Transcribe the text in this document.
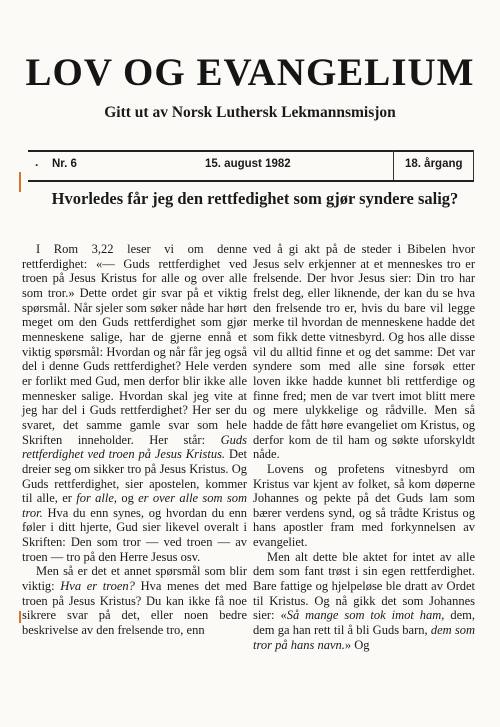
LOV OG EVANGELIUM
Gitt ut av Norsk Luthersk Lekmannsmisjon
· Nr. 6	15. august 1982	18. årgang
Hvorledes får jeg den rettfedighet som gjør syndere salig?

I Rom 3,22 leser vi om denne rettferdighet: «— Guds rettferdighet ved troen på Jesus Kristus for alle og over alle som tror.» Dette ordet gir svar på et viktig spørsmål. Når sjeler som søker nåde har hørt meget om den Guds rettferdighet som gjør menneskene salige, har de gjerne ennå et viktig spørsmål: Hvordan og når får jeg også del i denne Guds rettferdighet? Hele verden er forlikt med Gud, men derfor blir ikke alle mennesker salige. Hvordan skal jeg vite at jeg har del i Guds rettferdighet? Her ser du svaret, det samme gamle svar som hele Skriften inneholder. Her står: Guds rettferdighet ved troen på Jesus Kristus. Det dreier seg om sikker tro på Jesus Kristus. Og Guds rettferdighet, sier apostelen, kommer til alle, er for alle, og er over alle som som tror. Hva du enn synes, og hvordan du enn føler i ditt hjerte, Gud sier likevel overalt i Skriften: Den som tror — ved troen — av troen — tro på den Herre Jesus osv.

Men så er det et annet spørsmål som blir viktig: Hva er troen? Hva menes det med troen på Jesus Kristus? Du kan ikke få noe sikrere svar på det, eller noen bedre beskrivelse av den frelsende tro, enn

ved å gi akt på de steder i Bibelen hvor Jesus selv erkjenner at et menneskes tro er frelsende. Der hvor Jesus sier: Din tro har frelst deg, eller liknende, der kan du se hva den frelsende tro er, hvis du bare vil legge merke til hvordan de menneskene hadde det som fikk dette vitnesbyrd. Og hos alle disse vil du alltid finne et og det samme: Det var syndere som med alle sine forsøk etter loven ikke hadde kunnet bli rettferdige og finne fred; men de var tvert imot blitt mere og mere ulykkelige og rådville. Men så hadde de fått høre evangeliet om Kristus, og derfor kom de til ham og søkte uforskyldt nåde.

Lovens og profetens vitnesbyrd om Kristus var kjent av folket, så kom døperne Johannes og pekte på det Guds lam som bærer verdens synd, og så trådte Kristus og hans apostler fram med forkynnelsen av evangeliet.

Men alt dette ble aktet for intet av alle dem som fant trøst i sin egen rettferdighet. Bare fattige og hjelpeløse ble dratt av Ordet til Kristus. Og nå gikk det som Johannes sier: «Så mange som tok imot ham, dem, dem ga han rett til å bli Guds barn, dem som tror på hans navn.» Og
